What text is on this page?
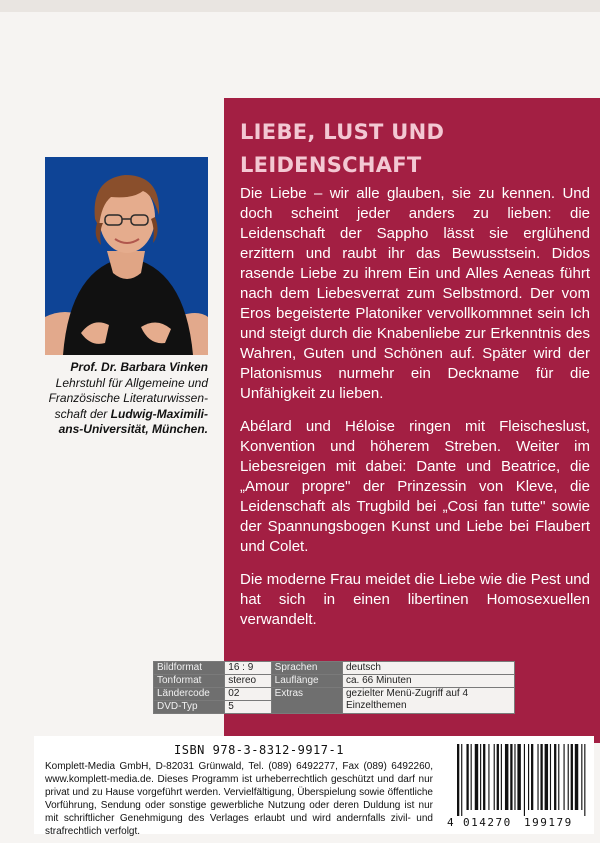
Prof. Dr. Barbara Vinken
Lehrstuhl für Allgemeine und
Französische Literaturwissen-
schaft der Ludwig-Maximili-
ans-Universität, München.
LIEBE, LUST UND LEIDENSCHAFT

Die Liebe – wir alle glauben, sie zu kennen. Und doch scheint jeder anders zu lieben: die Leidenschaft der Sappho lässt sie erglühend erzittern und raubt ihr das Bewusstsein. Didos rasende Liebe zu ihrem Ein und Alles Aeneas führt nach dem Liebesverrat zum Selbstmord. Der vom Eros begeisterte Platoniker vervollkommnet sein Ich und steigt durch die Knabenliebe zur Erkenntnis des Wahren, Guten und Schönen auf. Später wird der Platonismus nurmehr ein Deckname für die Unfähigkeit zu lieben.

Abélard und Héloise ringen mit Fleischeslust, Konvention und höherem Streben. Weiter im Liebesreigen mit dabei: Dante und Beatrice, die „Amour propre" der Prinzessin von Kleve, die Leidenschaft als Trugbild bei „Cosi fan tutte" sowie der Spannungsbogen Kunst und Liebe bei Flaubert und Colet.

Die moderne Frau meidet die Liebe wie die Pest und hat sich in einen libertinen Homosexuellen verwandelt.

Bildformat	16 : 9	Sprachen	deutsch
Tonformat	stereo	Lauflänge	ca. 66 Minuten
Ländercode	02	Extras	gezielter Menü-Zugriff auf 4 Einzelthemen
DVD-Typ	5		
ISBN 978-3-8312-9917-1
Komplett-Media GmbH, D-82031 Grünwald, Tel. (089) 6492277, Fax (089) 6492260, www.komplett-media.de. Dieses Programm ist urheberrechtlich geschützt und darf nur privat und zu Hause vorgeführt werden. Vervielfältigung, Überspielung sowie öffentliche Vorführung, Sendung oder sonstige gewerbliche Nutzung oder deren Duldung ist nur mit schriftlicher Genehmigung des Verlages erlaubt und wird andernfalls zivil- und strafrechtlich verfolgt.
4 014270 199179
